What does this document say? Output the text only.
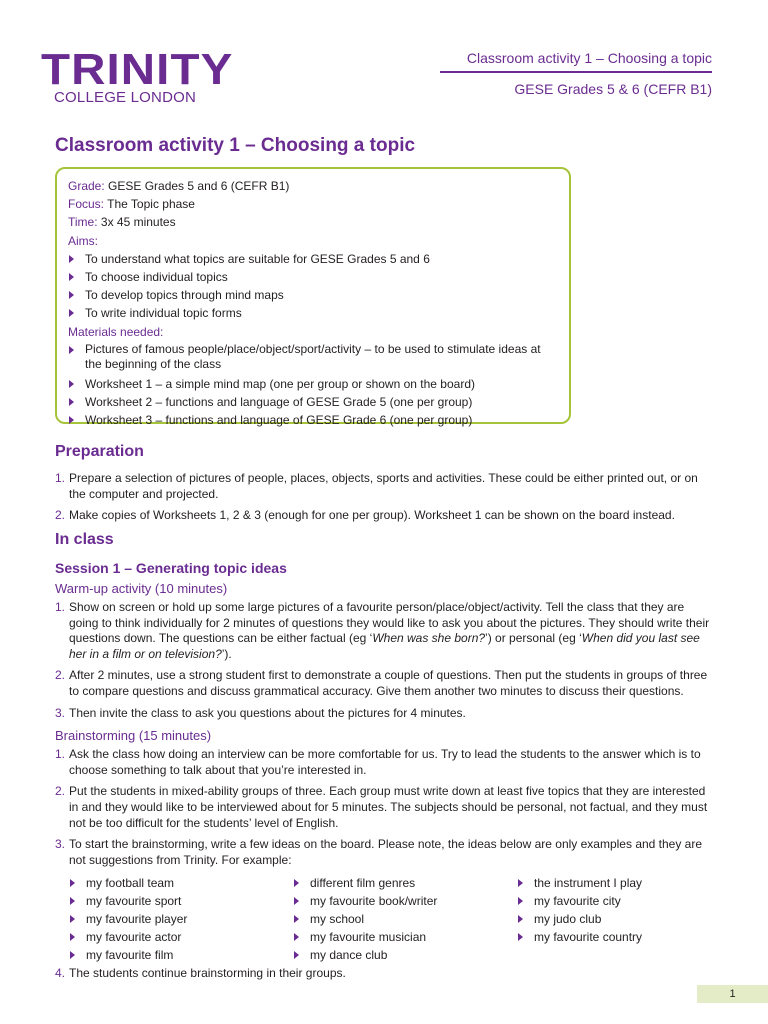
TRINITY
COLLEGE LONDON
Classroom activity 1 – Choosing a topic
GESE Grades 5 & 6 (CEFR B1)
Classroom activity 1 – Choosing a topic
Grade: GESE Grades 5 and 6 (CEFR B1)
Focus: The Topic phase
Time: 3x 45 minutes
Aims:
To understand what topics are suitable for GESE Grades 5 and 6
To choose individual topics
To develop topics through mind maps
To write individual topic forms
Materials needed:
Pictures of famous people/place/object/sport/activity – to be used to stimulate ideas at the beginning of the class
Worksheet 1 – a simple mind map (one per group or shown on the board)
Worksheet 2 – functions and language of GESE Grade 5 (one per group)
Worksheet 3 – functions and language of GESE Grade 6 (one per group)
Preparation
1. Prepare a selection of pictures of people, places, objects, sports and activities. These could be either printed out, or on the computer and projected.
2. Make copies of Worksheets 1, 2 & 3 (enough for one per group). Worksheet 1 can be shown on the board instead.
In class
Session 1 – Generating topic ideas
Warm-up activity (10 minutes)
1. Show on screen or hold up some large pictures of a favourite person/place/object/activity. Tell the class that they are going to think individually for 2 minutes of questions they would like to ask you about the pictures. They should write their questions down. The questions can be either factual (eg ‘When was she born?’) or personal (eg ‘When did you last see her in a film or on television?’).
2. After 2 minutes, use a strong student first to demonstrate a couple of questions. Then put the students in groups of three to compare questions and discuss grammatical accuracy. Give them another two minutes to discuss their questions.
3. Then invite the class to ask you questions about the pictures for 4 minutes.
Brainstorming (15 minutes)
1. Ask the class how doing an interview can be more comfortable for us. Try to lead the students to the answer which is to choose something to talk about that you’re interested in.
2. Put the students in mixed-ability groups of three. Each group must write down at least five topics that they are interested in and they would like to be interviewed about for 5 minutes. The subjects should be personal, not factual, and they must not be too difficult for the students’ level of English.
3. To start the brainstorming, write a few ideas on the board. Please note, the ideas below are only examples and they are not suggestions from Trinity. For example:
my football team
my favourite sport
my favourite player
my favourite actor
my favourite film
different film genres
my favourite book/writer
my school
my favourite musician
my dance club
the instrument I play
my favourite city
my judo club
my favourite country
4. The students continue brainstorming in their groups.
1
